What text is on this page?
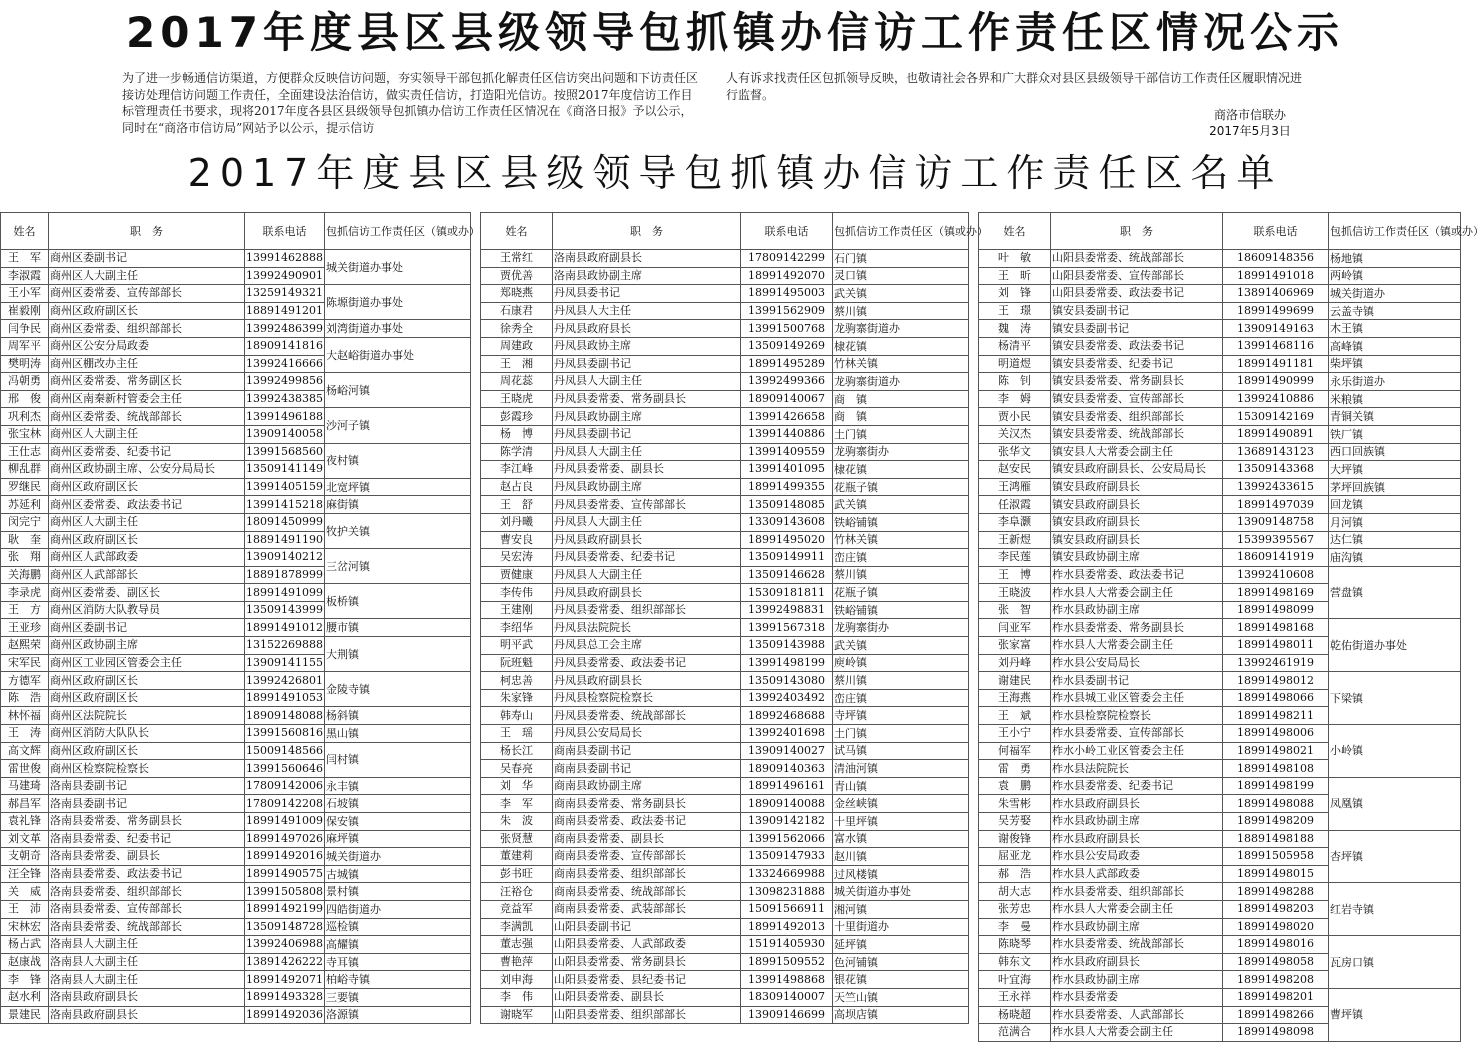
2017年度县区县级领导包抓镇办信访工作责任区情况公示
为了进一步畅通信访渠道，方便群众反映信访问题，夯实领导干部包抓化解责任区信访突出问题和下访责任区接访处理信访问题工作责任，全面建设法治信访，做实责任信访，打造阳光信访。按照2017年度信访工作目标管理责任书要求，现将2017年度各县区县级领导包抓镇办信访工作责任区情况在《商洛日报》予以公示，同时在“商洛市信访局”网站予以公示，提示信访
人有诉求找责任区包抓领导反映，也敬请社会各界和广大群众对县区县级领导干部信访工作责任区履职情况进行监督。
商洛市信联办
2017年5月3日
2017年度县区县级领导包抓镇办信访工作责任区名单
姓名	职　务	联系电话	包抓信访工作责任区（镇或办）
王　军	商州区委副书记	13991462888	城关街道办事处
李淑霞	商州区人大副主任	13992490901	
王小军	商州区委常委、宣传部部长	13259149321	陈塬街道办事处
崔毅刚	商州区政府副区长	18891491201	
闫争民	商州区委常委、组织部部长	13992486399	刘湾街道办事处
周军平	商州区公安分局政委	18909141816	大赵峪街道办事处
樊明涛	商州区棚改办主任	13992416666	
冯朝勇	商州区委常委、常务副区长	13992499856	杨峪河镇
邢　俊	商州区南秦新村管委会主任	13992438385	
巩利杰	商州区委常委、统战部部长	13991496188	沙河子镇
张宝林	商州区人大副主任	13909140058	
王仕志	商州区委常委、纪委书记	13991568560	夜村镇
柳乱群	商州区政协副主席、公安分局局长	13509141149	
罗继民	商州区政府副区长	13991405159	北宽坪镇
苏延利	商州区委常委、政法委书记	13991415218	麻街镇
闵完宁	商州区人大副主任	18091450999	牧护关镇
耿　奎	商州区政府副区长	18891491190	
张　翔	商州区人武部政委	13909140212	三岔河镇
关海鹏	商州区人武部部长	18891878999	
李录虎	商州区委常委、副区长	18991491099	板桥镇
王　方	商州区消防大队教导员	13509143999	
王亚珍	商州区委副书记	18991491012	腰市镇
赵熙荣	商州区政协副主席	13152269888	大荆镇
宋军民	商州区工业园区管委会主任	13909141155	
方德军	商州区政府副区长	13992426801	金陵寺镇
陈　浩	商州区政府副区长	18991491053	
林怀福	商州区法院院长	18909148088	杨斜镇
王　涛	商州区消防大队队长	13991560816	黑山镇
高文辉	商州区政府副区长	15009148566	闫村镇
雷世俊	商州区检察院检察长	13991560646	
马建琦	洛南县委副书记	17809142006	永丰镇
郝昌军	洛南县委副书记	17809142208	石坡镇
袁礼锋	洛南县委常委、常务副县长	18991491009	保安镇
刘文革	洛南县委常委、纪委书记	18991497026	麻坪镇
支朝奇	洛南县委常委、副县长	18991492016	城关街道办
汪全锋	洛南县委常委、政法委书记	18991490575	古城镇
关　威	洛南县委常委、组织部部长	13991505808	景村镇
王　沛	洛南县委常委、宣传部部长	18991492199	四皓街道办
宋林宏	洛南县委常委、统战部部长	13509148728	巡检镇
杨占武	洛南县人大副主任	13992406988	高耀镇
赵康战	洛南县人大副主任	13891426222	寺耳镇
李　锋	洛南县人大副主任	18991492071	柏峪寺镇
赵水利	洛南县政府副县长	18991493328	三要镇
景建民	洛南县政府副县长	18991492036	洛源镇
姓名	职　务	联系电话	包抓信访工作责任区（镇或办）
王常红	洛南县政府副县长	17809142299	石门镇
贾优善	洛南县政协副主席	18991492070	灵口镇
郑晓燕	丹凤县委书记	18991495003	武关镇
石康君	丹凤县人大主任	13991562909	蔡川镇
徐秀全	丹凤县政府县长	13991500768	龙驹寨街道办
周建政	丹凤县政协主席	13509149269	棣花镇
王　湘	丹凤县委副书记	18991495289	竹林关镇
周花蕊	丹凤县人大副主任	13992499366	龙驹寨街道办
王晓虎	丹凤县委常委、常务副县长	18909140067	商　镇
彭霞珍	丹凤县政协副主席	13991426658	商　镇
杨　博	丹凤县委副书记	13991440886	土门镇
陈学清	丹凤县人大副主任	13991409559	龙驹寨街办
李江峰	丹凤县委常委、副县长	13991401095	棣花镇
赵占良	丹凤县政协副主席	18991499355	花瓶子镇
王　舒	丹凤县委常委、宣传部部长	13509148085	武关镇
刘丹曦	丹凤县人大副主任	13309143608	铁峪铺镇
曹安良	丹凤县政府副县长	18991495020	竹林关镇
吴宏涛	丹凤县委常委、纪委书记	13509149911	峦庄镇
贾健康	丹凤县人大副主任	13509146628	蔡川镇
李传伟	丹凤县政府副县长	15309181811	花瓶子镇
王建刚	丹凤县委常委、组织部部长	13992498831	铁峪铺镇
李绍华	丹凤县法院院长	13991567318	龙驹寨街办
明平武	丹凤县总工会主席	13509143988	武关镇
阮班魁	丹凤县委常委、政法委书记	13991498199	庾岭镇
柯忠善	丹凤县政府副县长	13509143080	蔡川镇
朱家锋	丹凤县检察院检察长	13992403492	峦庄镇
韩寿山	丹凤县委常委、统战部部长	18992468688	寺坪镇
王　瑶	丹凤县公安局局长	13992401698	土门镇
杨长江	商南县委副书记	13909140027	试马镇
吴春亮	商南县委副书记	18909140363	清油河镇
刘　华	商南县政协副主席	18991496161	青山镇
李　军	商南县委常委、常务副县长	18909140088	金丝峡镇
朱　波	商南县委常委、政法委书记	13909142182	十里坪镇
张贤慧	商南县委常委、副县长	13991562066	富水镇
董建莉	商南县委常委、宣传部部长	13509147933	赵川镇
彭书旺	商南县委常委、组织部部长	13324669988	过风楼镇
汪裕仓	商南县委常委、统战部部长	13098231888	城关街道办事处
竞益军	商南县委常委、武装部部长	15091566911	湘河镇
李满凯	山阳县委副书记	18991492013	十里街道办
董志强	山阳县委常委、人武部政委	15191405930	延坪镇
曹艳萍	山阳县委常委、常务副县长	18991509552	色河铺镇
刘申海	山阳县委常委、县纪委书记	13991498868	银花镇
李　伟	山阳县委常委、副县长	18309140007	天竺山镇
谢晓军	山阳县委常委、组织部部长	13909146699	高坝店镇
姓名	职　务	联系电话	包抓信访工作责任区（镇或办）
叶　敏	山阳县委常委、统战部部长	18609148356	杨地镇
王　昕	山阳县委常委、宣传部部长	18991491018	两岭镇
刘　锋	山阳县委常委、政法委书记	13891406969	城关街道办
王　璟	镇安县委副书记	18991499699	云盖寺镇
魏　涛	镇安县委副书记	13909149163	木王镇
杨清平	镇安县委常委、政法委书记	13991468116	高峰镇
明道煜	镇安县委常委、纪委书记	18991491181	柴坪镇
陈　钊	镇安县委常委、常务副县长	18991490999	永乐街道办
李　姆	镇安县委常委、宣传部部长	13992410886	米粮镇
贾小民	镇安县委常委、组织部部长	15309142169	青铜关镇
关汉杰	镇安县委常委、统战部部长	18991490891	铁厂镇
张华文	镇安县人大常委会副主任	13689143123	西口回族镇
赵安民	镇安县政府副县长、公安局局长	13509143368	大坪镇
王鸿雁	镇安县政府副县长	13992433615	茅坪回族镇
任淑霞	镇安县政府副县长	18991497039	回龙镇
李阜灏	镇安县政府副县长	13909148758	月河镇
王新煜	镇安县政府副县长	15399395567	达仁镇
李民莲	镇安县政协副主席	18609141919	庙沟镇
王　博	柞水县委常委、政法委书记	13992410608	营盘镇
王晓波	柞水县人大常委会副主任	18991498169	
张　智	柞水县政协副主席	18991498099	
闫亚军	柞水县委常委、常务副县长	18991498168	乾佑街道办事处
张家富	柞水县人大常委会副主任	18991498011	
刘丹峰	柞水县公安局局长	13992461919	
谢建民	柞水县委副书记	18991498012	下梁镇
王海燕	柞水县城工业区管委会主任	18991498066	
王　斌	柞水县检察院检察长	18991498211	
王小宁	柞水县委常委、宣传部部长	18991498006	小岭镇
何福军	柞水小岭工业区管委会主任	18991498021	
雷　勇	柞水县法院院长	18991498108	
袁　鹏	柞水县委常委、纪委书记	18991498199	凤凰镇
朱雪彬	柞水县政府副县长	18991498088	
吴芳娶	柞水县政协副主席	18991498209	
谢俊锋	柞水县政府副县长	18891498188	杏坪镇
屈亚龙	柞水县公安局政委	18991505958	
郝　浩	柞水县人武部政委	18991498015	
胡大志	柞水县委常委、组织部部长	18991498288	红岩寺镇
张芳忠	柞水县人大常委会副主任	18991498203	
李　曼	柞水县政协副主席	18991498020	
陈晓琴	柞水县委常委、统战部部长	18991498016	瓦房口镇
韩东文	柞水县政府副县长	18991498058	
叶宜海	柞水县政协副主席	18991498208	
王永祥	柞水县委常委	18991498201	曹坪镇
杨晓超	柞水县委常委、人武部部长	18991498266	
范满合	柞水县人大常委会副主任	18991498098	
